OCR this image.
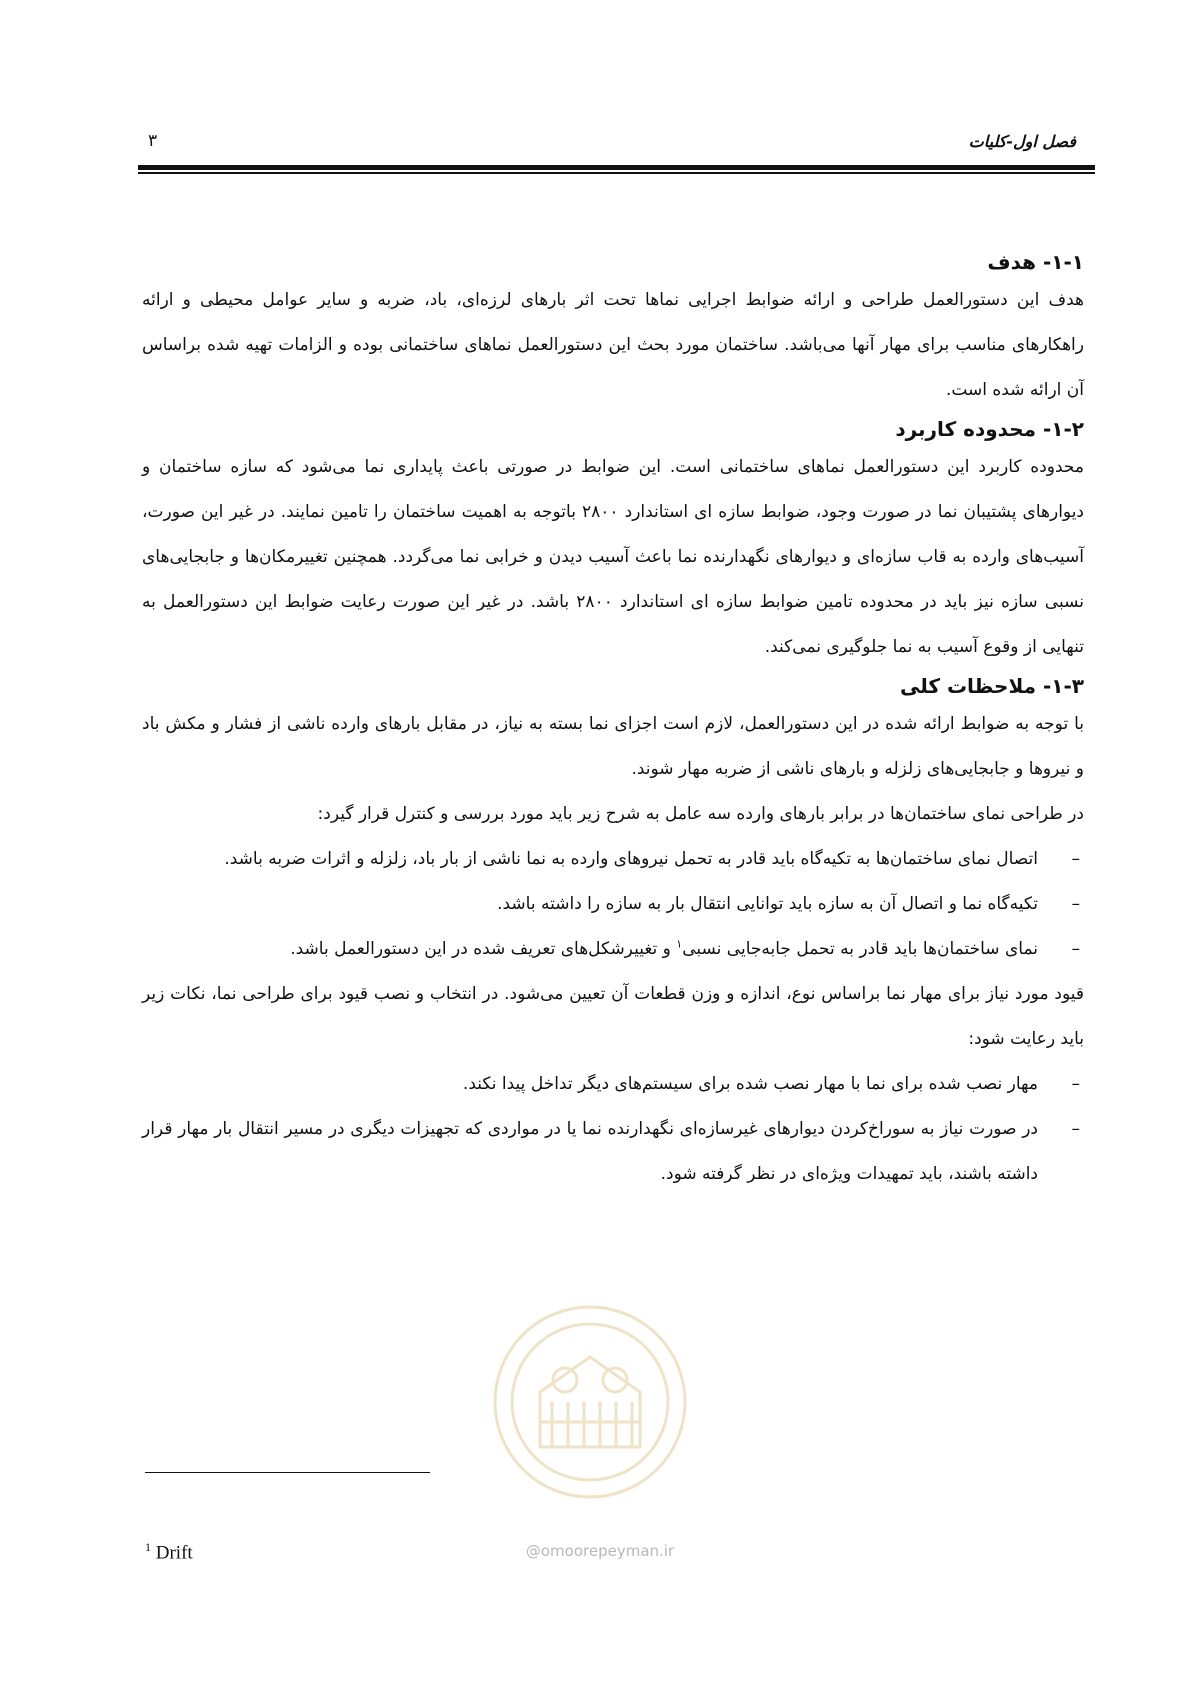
فصل اول-کلیات
۳
۱-۱- هدف

هدف این دستورالعمل طراحی و ارائه ضوابط اجرایی نماها تحت اثر بارهای لرزه‌ای، باد، ضربه و سایر عوامل محیطی و ارائه راهکارهای مناسب برای مهار آنها می‌باشد. ساختمان مورد بحث این دستورالعمل نماهای ساختمانی بوده و الزامات تهیه شده براساس آن ارائه شده است.

۱-۲- محدوده کاربرد

محدوده کاربرد این دستورالعمل نماهای ساختمانی است. این ضوابط در صورتی باعث پایداری نما می‌شود که سازه ساختمان و دیوارهای پشتیبان نما در صورت وجود، ضوابط سازه ای استاندارد ۲۸۰۰ باتوجه به اهمیت ساختمان را تامین نمایند. در غیر این صورت، آسیب‌های وارده به قاب سازه‌ای و دیوارهای نگهدارنده نما باعث آسیب دیدن و خرابی نما می‌گردد. همچنین تغییرمکان‌ها و جابجایی‌های نسبی سازه نیز باید در محدوده تامین ضوابط سازه ای استاندارد ۲۸۰۰ باشد. در غیر این صورت رعایت ضوابط این دستورالعمل به تنهایی از وقوع آسیب به نما جلوگیری نمی‌کند.

۱-۳- ملاحظات کلی

با توجه به ضوابط ارائه شده در این دستورالعمل، لازم است اجزای نما بسته به نیاز، در مقابل بارهای وارده ناشی از فشار و مکش باد و نیروها و جابجایی‌های زلزله و بارهای ناشی از ضربه مهار شوند.

در طراحی نمای ساختمان‌ها در برابر بارهای وارده سه عامل به شرح زیر باید مورد بررسی و کنترل قرار گیرد:

–
اتصال نمای ساختمان‌ها به تکیه‌گاه باید قادر به تحمل نیروهای وارده به نما ناشی از بار باد، زلزله و اثرات ضربه باشد.
–
تکیه‌گاه نما و اتصال آن به سازه باید توانایی انتقال بار به سازه را داشته باشد.
–
نمای ساختمان‌ها باید قادر به تحمل جابه‌جایی نسبی$^۱$ و تغییرشکل‌های تعریف شده در این دستورالعمل باشد.

قیود مورد نیاز برای مهار نما براساس نوع، اندازه و وزن قطعات آن تعیین می‌شود. در انتخاب و نصب قیود برای طراحی نما، نکات زیر باید رعایت شود:

–
مهار نصب شده برای نما با مهار نصب شده برای سیستم‌های دیگر تداخل پیدا نکند.
–
در صورت نیاز به سوراخ‌کردن دیوارهای غیرسازه‌ای نگهدارنده نما یا در مواردی که تجهیزات دیگری در مسیر انتقال بار مهار قرار داشته باشند، باید تمهیدات ویژه‌ای در نظر گرفته شود.
$^1$ Drift	@omoorepeyman.ir
